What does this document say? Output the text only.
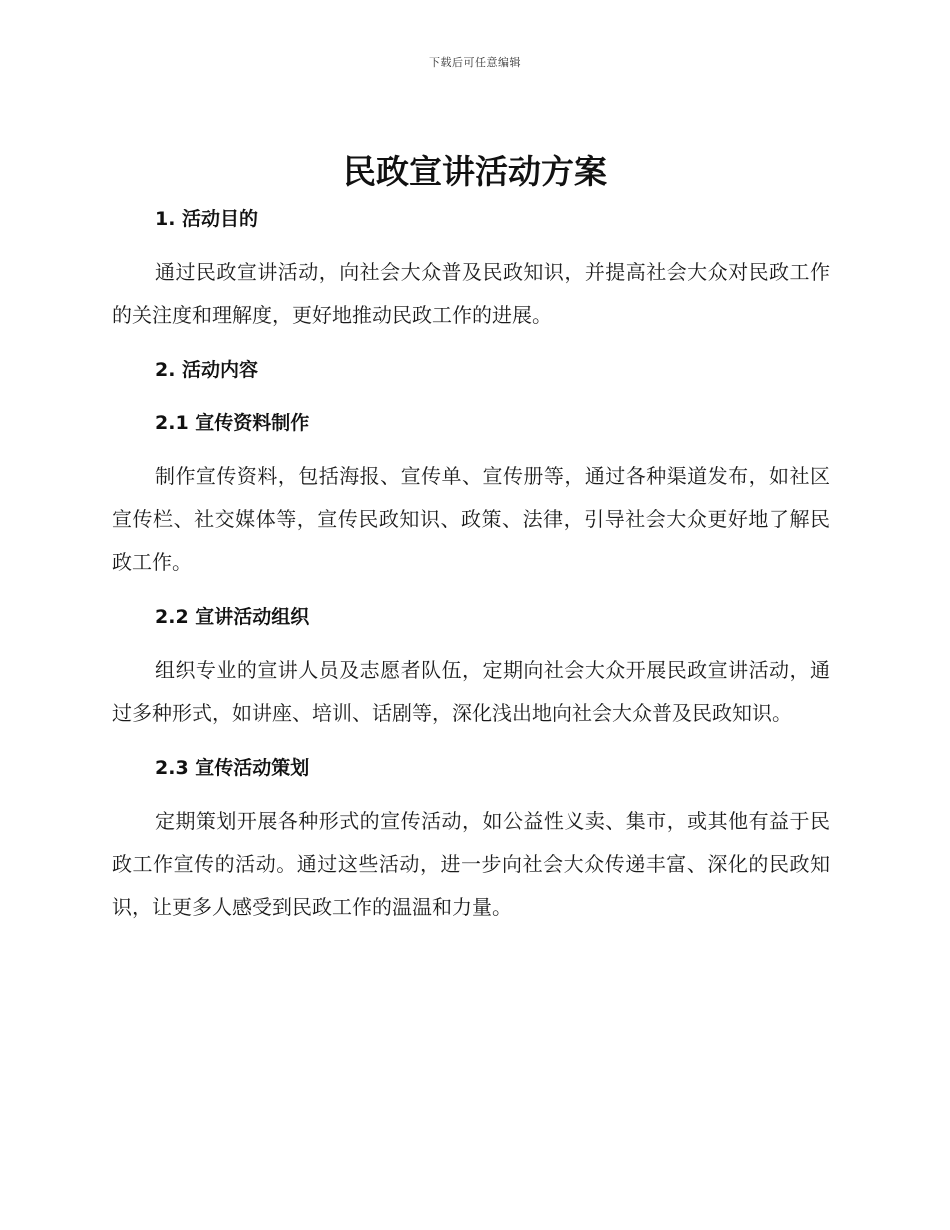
下载后可任意编辑
民政宣讲活动方案
1. 活动目的

通过民政宣讲活动，向社会大众普及民政知识，并提高社会大众对民政工作的关注度和理解度，更好地推动民政工作的进展。

2. 活动内容
2.1 宣传资料制作

制作宣传资料，包括海报、宣传单、宣传册等，通过各种渠道发布，如社区宣传栏、社交媒体等，宣传民政知识、政策、法律，引导社会大众更好地了解民政工作。

2.2 宣讲活动组织

组织专业的宣讲人员及志愿者队伍，定期向社会大众开展民政宣讲活动，通过多种形式，如讲座、培训、话剧等，深化浅出地向社会大众普及民政知识。

2.3 宣传活动策划

定期策划开展各种形式的宣传活动，如公益性义卖、集市，或其他有益于民政工作宣传的活动。通过这些活动，进一步向社会大众传递丰富、深化的民政知识，让更多人感受到民政工作的温温和力量。
